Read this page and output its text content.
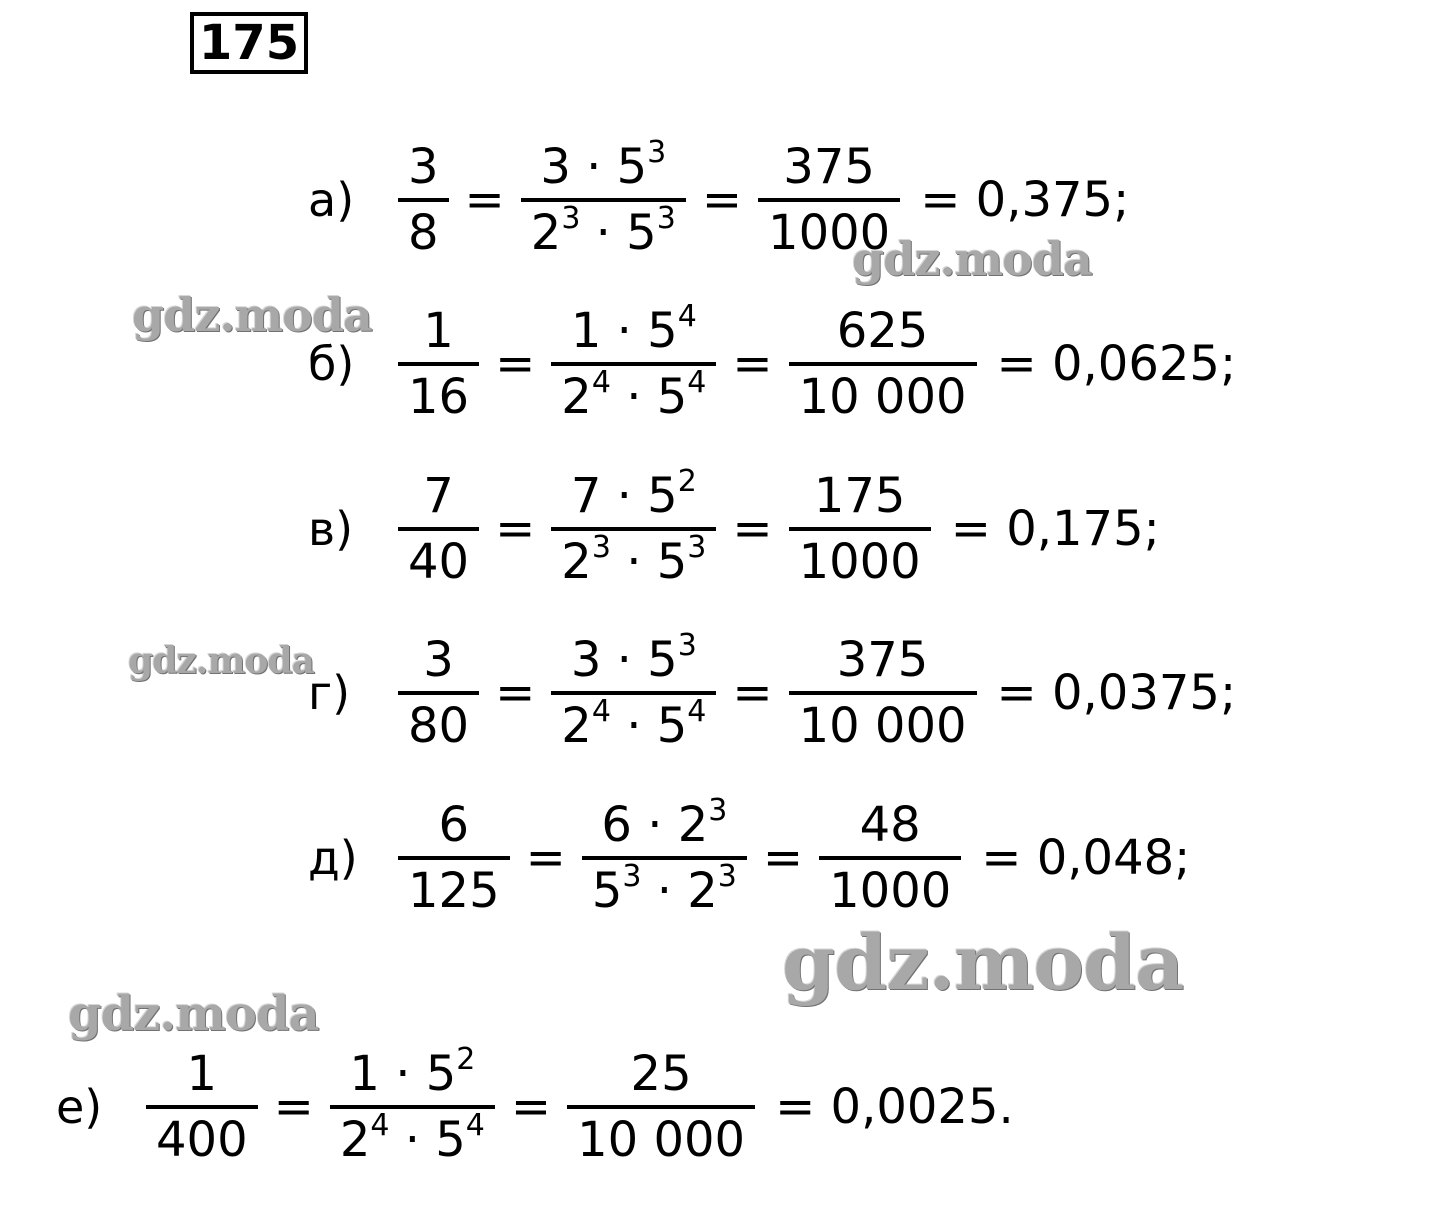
175
$а) \frac{3}{8} = \frac{3 \cdot 5^3}{2^3 \cdot 5^3} = \frac{375}{1000} = 0,375$;
$б) \frac{1}{16} = \frac{1 \cdot 5^4}{2^4 \cdot 5^4} = \frac{625}{10 000} = 0,0625$;
$в) \frac{7}{40} = \frac{7 \cdot 5^2}{2^3 \cdot 5^3} = \frac{175}{1000} = 0,175$;
$г) \frac{3}{80} = \frac{3 \cdot 5^3}{2^4 \cdot 5^4} = \frac{375}{10 000} = 0,0375$;
$д) \frac{6}{125} = \frac{6 \cdot 2^3}{5^3 \cdot 2^3} = \frac{48}{1000} = 0,048$;
$е) \frac{1}{400} = \frac{1 \cdot 5^2}{2^4 \cdot 5^4} = \frac{25}{10 000} = 0,0025$.
gdz.moda
gdz.moda
gdz.moda
gdz.moda
gdz.moda
